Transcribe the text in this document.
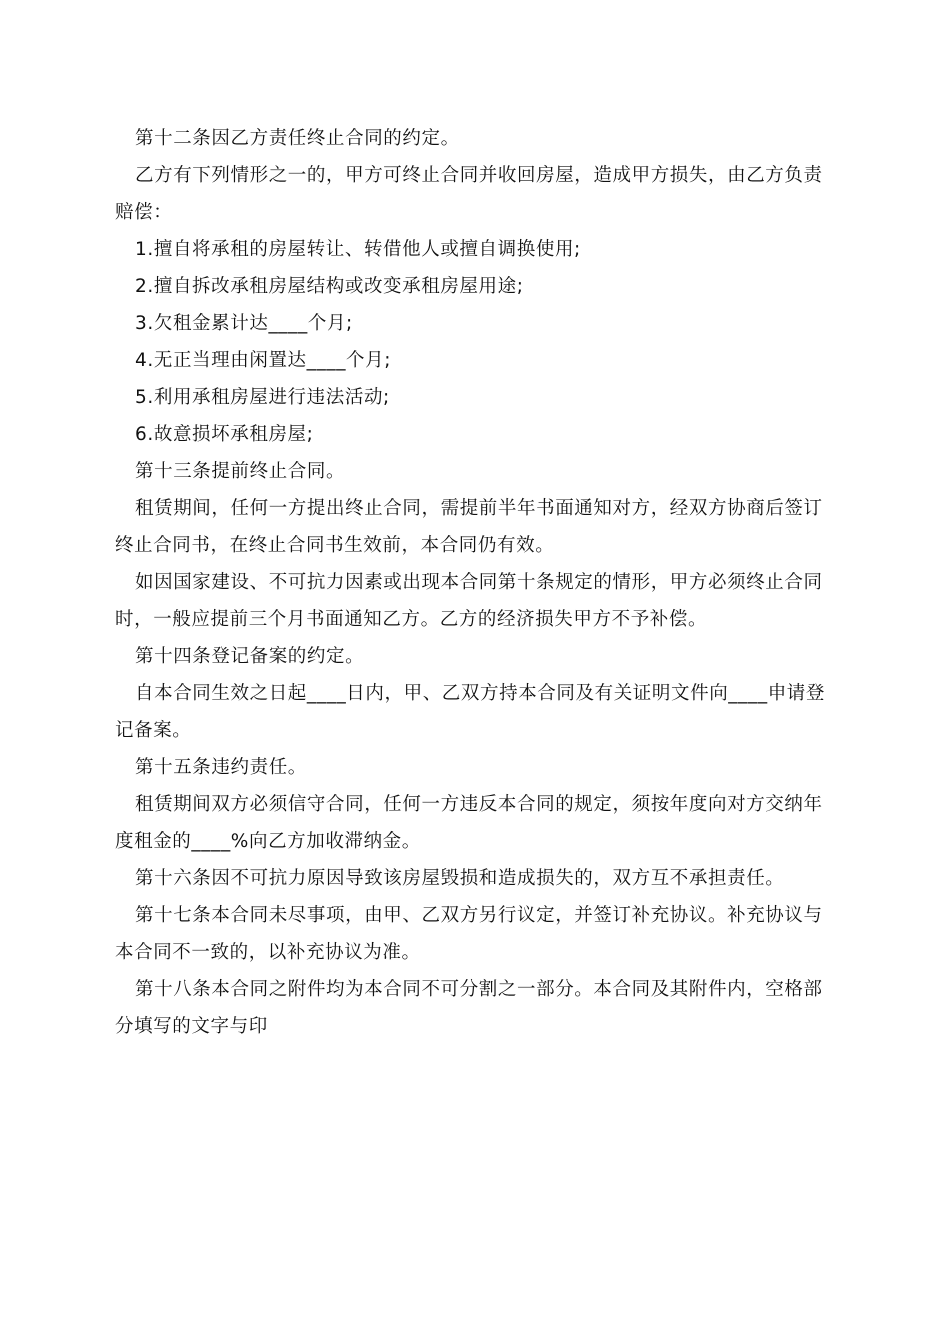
第十二条因乙方责任终止合同的约定。

乙方有下列情形之一的，甲方可终止合同并收回房屋，造成甲方损失，由乙方负责赔偿：

1.擅自将承租的房屋转让、转借他人或擅自调换使用;

2.擅自拆改承租房屋结构或改变承租房屋用途;

3.欠租金累计达____个月;

4.无正当理由闲置达____个月;

5.利用承租房屋进行违法活动;

6.故意损坏承租房屋;

第十三条提前终止合同。

租赁期间，任何一方提出终止合同，需提前半年书面通知对方，经双方协商后签订终止合同书，在终止合同书生效前，本合同仍有效。

如因国家建设、不可抗力因素或出现本合同第十条规定的情形，甲方必须终止合同时，一般应提前三个月书面通知乙方。乙方的经济损失甲方不予补偿。

第十四条登记备案的约定。

自本合同生效之日起____日内，甲、乙双方持本合同及有关证明文件向____申请登记备案。

第十五条违约责任。

租赁期间双方必须信守合同，任何一方违反本合同的规定，须按年度向对方交纳年度租金的____%向乙方加收滞纳金。

第十六条因不可抗力原因导致该房屋毁损和造成损失的，双方互不承担责任。

第十七条本合同未尽事项，由甲、乙双方另行议定，并签订补充协议。补充协议与本合同不一致的，以补充协议为准。

第十八条本合同之附件均为本合同不可分割之一部分。本合同及其附件内，空格部分填写的文字与印
